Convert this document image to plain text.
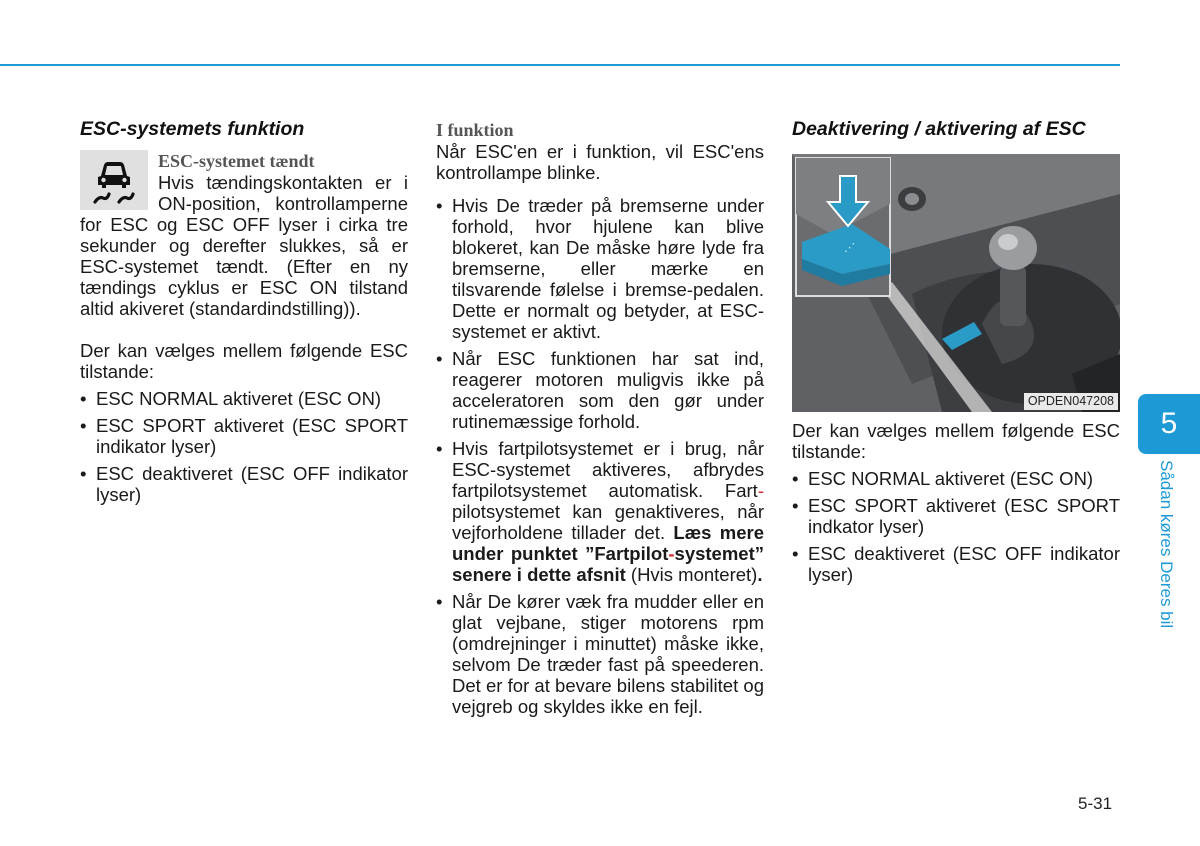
ESC-systemets funktion
ESC-systemet tændt

Hvis tændingskontakten er i ON-position, kontrollamperne for ESC og ESC OFF lyser i cirka tre sekunder og derefter slukkes, så er ESC-systemet tændt. (Efter en ny tændings cyklus er ESC ON tilstand altid akiveret (standardindstilling)).

Der kan vælges mellem følgende ESC tilstande:

• ESC NORMAL aktiveret (ESC ON)
• ESC SPORT aktiveret (ESC SPORT indikator lyser)
• ESC deaktiveret (ESC OFF indikator lyser)
I funktion

Når ESC'en er i funktion, vil ESC'ens kontrollampe blinke.

• Hvis De træder på bremserne under forhold, hvor hjulene kan blive blokeret, kan De måske høre lyde fra bremserne, eller mærke en tilsvarende følelse i bremse-pedalen. Dette er normalt og betyder, at ESC-systemet er aktivt.
• Når ESC funktionen har sat ind, reagerer motoren muligvis ikke på acceleratoren som den gør under rutinemæssige forhold.
• Hvis fartpilotsystemet er i brug, når ESC-systemet aktiveres, afbrydes fartpilotsystemet automatisk. Fart-pilotsystemet kan genaktiveres, når vejforholdene tillader det. Læs mere under punktet ”Fartpilot-systemet” senere i dette afsnit (Hvis monteret).
• Når De kører væk fra mudder eller en glat vejbane, stiger motorens rpm (omdrejninger i minuttet) måske ikke, selvom De træder fast på speederen. Det er for at bevare bilens stabilitet og vejgreb og skyldes ikke en fejl.
Deaktivering / aktivering af ESC
⋰
OPDEN047208

Der kan vælges mellem følgende ESC tilstande:

• ESC NORMAL aktiveret (ESC ON)
• ESC SPORT aktiveret (ESC SPORT indkator lyser)
• ESC deaktiveret (ESC OFF indikator lyser)
5
Sådan køres Deres bil
5-31
